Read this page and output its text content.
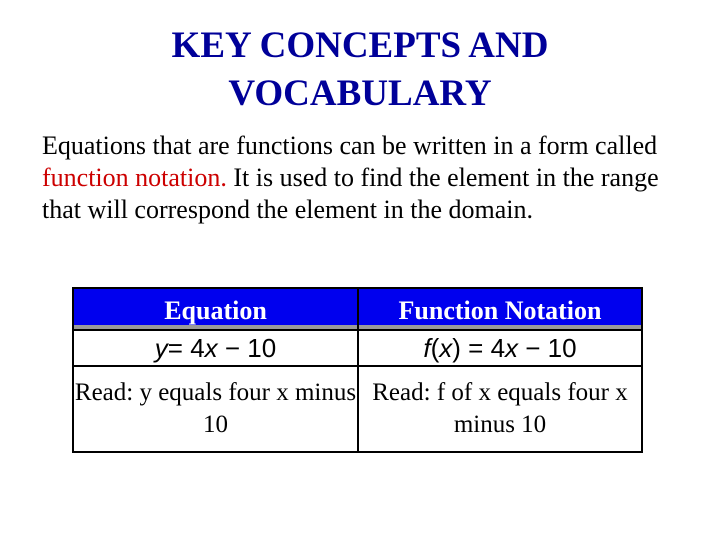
KEY CONCEPTS AND
VOCABULARY
Equations that are functions can be written in a form called function notation. It is used to find the element in the range that will correspond the element in the domain.
Equation	Function Notation

y= 4x − 10	f(x) = 4x − 10
Read: y equals four x minus 10	Read: f of x equals four x minus 10
